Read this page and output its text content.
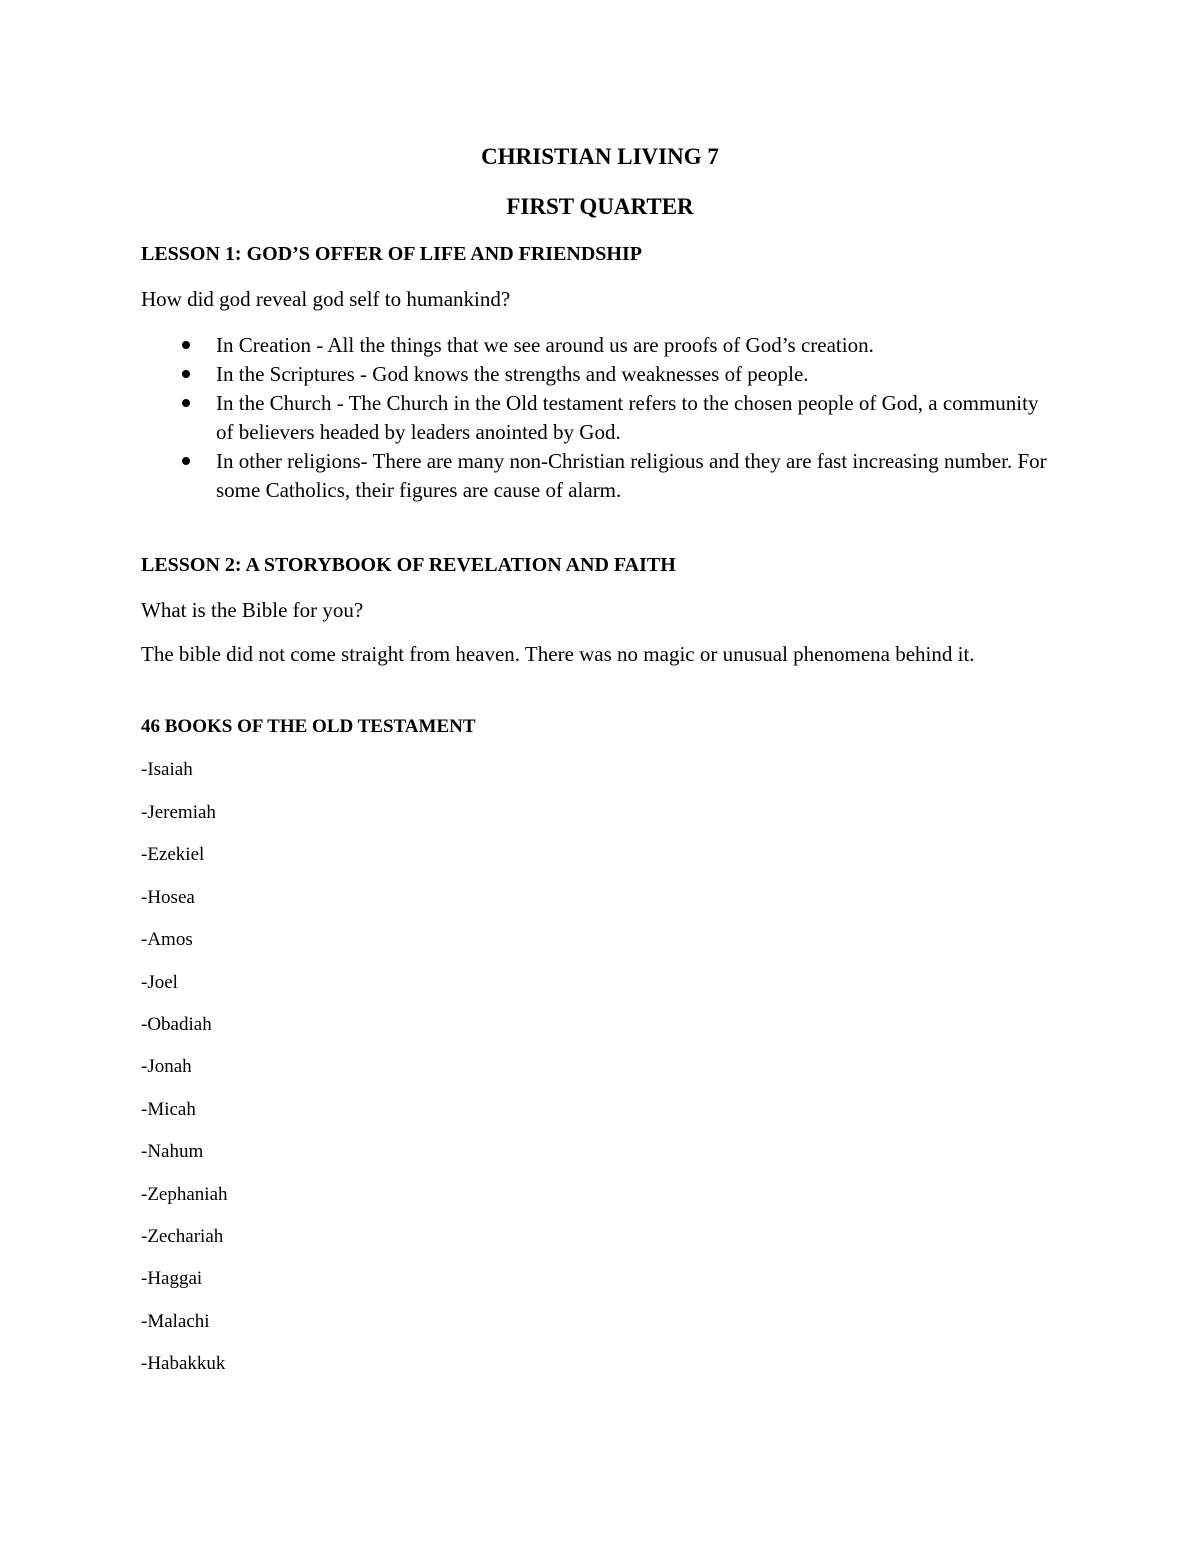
CHRISTIAN LIVING 7
FIRST QUARTER
LESSON 1: GOD’S OFFER OF LIFE AND FRIENDSHIP

How did god reveal god self to humankind?

In Creation - All the things that we see around us are proofs of God’s creation.
In the Scriptures - God knows the strengths and weaknesses of people.
In the Church - The Church in the Old testament refers to the chosen people of God, a community of believers headed by leaders anointed by God.
In other religions- There are many non-Christian religious and they are fast increasing number. For some Catholics, their figures are cause of alarm.
LESSON 2: A STORYBOOK OF REVELATION AND FAITH

What is the Bible for you?

The bible did not come straight from heaven. There was no magic or unusual phenomena behind it.

46 BOOKS OF THE OLD TESTAMENT

-Isaiah

-Jeremiah

-Ezekiel

-Hosea

-Amos

-Joel

-Obadiah

-Jonah

-Micah

-Nahum

-Zephaniah

-Zechariah

-Haggai

-Malachi

-Habakkuk
